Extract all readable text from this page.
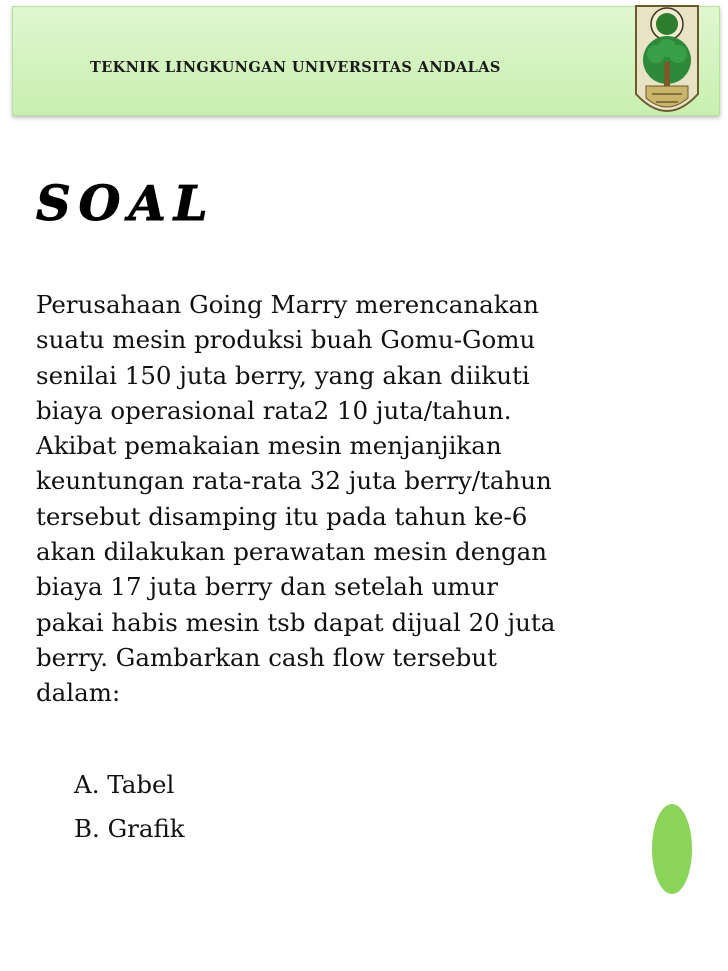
TEKNIK LINGKUNGAN UNIVERSITAS ANDALAS
SOAL
Perusahaan Going Marry merencanakan
suatu mesin produksi buah Gomu-Gomu
senilai 150 juta berry, yang akan diikuti
biaya operasional rata2 10 juta/tahun.
Akibat pemakaian mesin menjanjikan
keuntungan rata-rata 32 juta berry/tahun
tersebut disamping itu pada tahun ke-6
akan dilakukan perawatan mesin dengan
biaya 17 juta berry dan setelah umur
pakai habis mesin tsb dapat dijual 20 juta
berry. Gambarkan cash flow tersebut
dalam:
A. Tabel
B. Grafik
